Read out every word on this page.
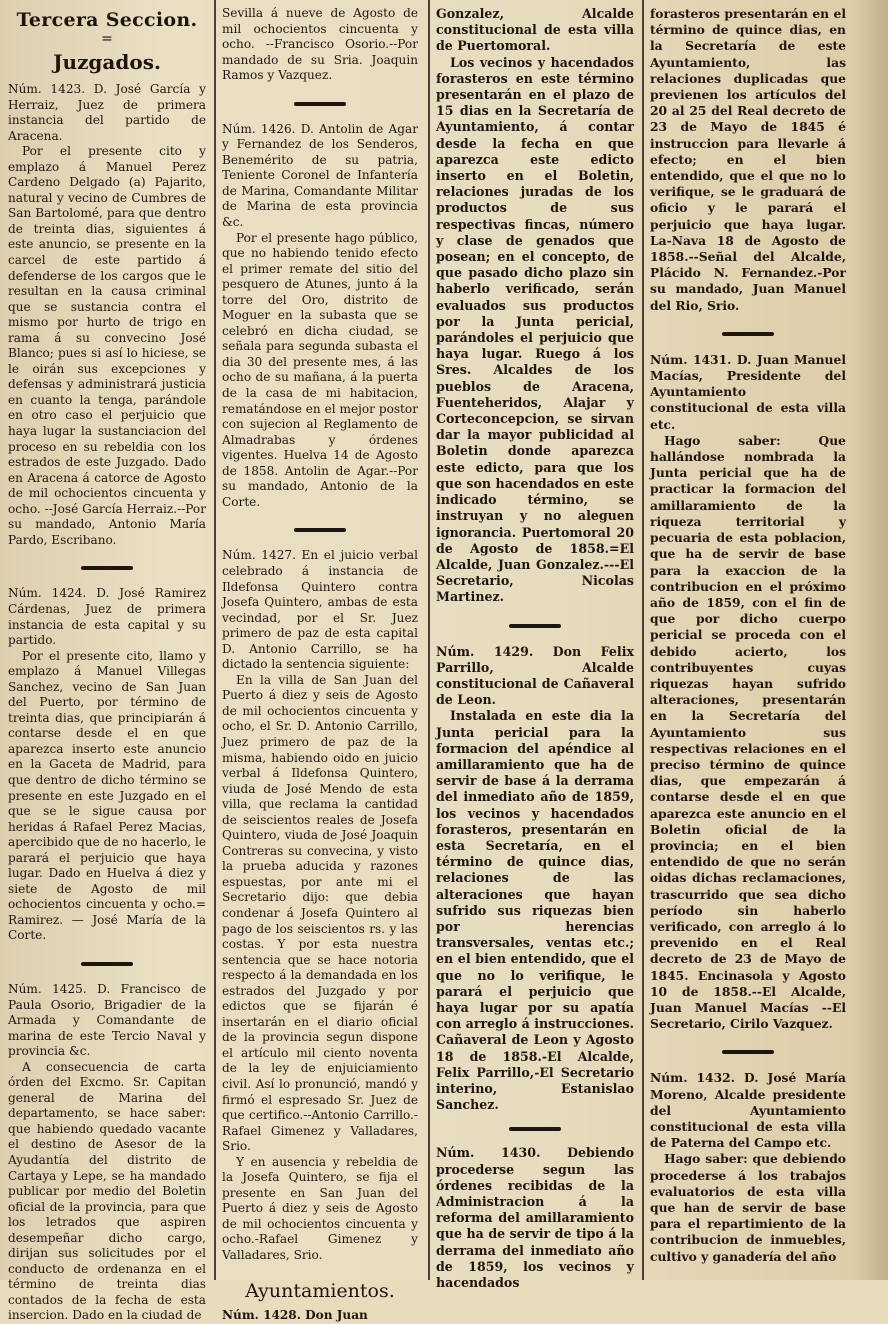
Tercera Seccion.
=
Juzgados.

Núm. 1423. D. José García y Herraiz, Juez de primera instancia del partido de Aracena.

Por el presente cito y emplazo á Manuel Perez Cardeno Delgado (a) Pajarito, natural y vecino de Cumbres de San Bartolomé, para que dentro de treinta dias, siguientes á este anuncio, se presente en la carcel de este partido á defenderse de los cargos que le resultan en la causa criminal que se sustancia contra el mismo por hurto de trigo en rama á su convecino José Blanco; pues si así lo hiciese, se le oirán sus excepciones y defensas y administrará justicia en cuanto la tenga, parándole en otro caso el perjuicio que haya lugar la sustanciacion del proceso en su rebeldia con los estrados de este Juzgado. Dado en Aracena á catorce de Agosto de mil ochocientos cincuenta y ocho. --José García Herraiz.--Por su mandado, Antonio María Pardo, Escribano.

Núm. 1424. D. José Ramirez Cárdenas, Juez de primera instancia de esta capital y su partido.

Por el presente cito, llamo y emplazo á Manuel Villegas Sanchez, vecino de San Juan del Puerto, por término de treinta dias, que principiarán á contarse desde el en que aparezca inserto este anuncio en la Gaceta de Madrid, para que dentro de dicho término se presente en este Juzgado en el que se le sigue causa por heridas á Rafael Perez Macias, apercibido que de no hacerlo, le parará el perjuicio que haya lugar. Dado en Huelva á diez y siete de Agosto de mil ochocientos cincuenta y ocho.= Ramirez. — José María de la Corte.

Núm. 1425. D. Francisco de Paula Osorio, Brigadier de la Armada y Comandante de marina de este Tercio Naval y provincia &c.

A consecuencia de carta órden del Excmo. Sr. Capitan general de Marina del departamento, se hace saber: que habiendo quedado vacante el destino de Asesor de la Ayudantía del distrito de Cartaya y Lepe, se ha mandado publicar por medio del Boletin oficial de la provincia, para que los letrados que aspiren desempeñar dicho cargo, dirijan sus solicitudes por el conducto de ordenanza en el término de treinta dias contados de la fecha de esta insercion. Dado en la ciudad de

Sevilla á nueve de Agosto de mil ochocientos cincuenta y ocho. --Francisco Osorio.--Por mandado de su Sria. Joaquin Ramos y Vazquez.

Núm. 1426. D. Antolin de Agar y Fernandez de los Senderos, Benemérito de su patria, Teniente Coronel de Infantería de Marina, Comandante Militar de Marina de esta provincia &c.

Por el presente hago público, que no habiendo tenido efecto el primer remate del sitio del pesquero de Atunes, junto á la torre del Oro, distrito de Moguer en la subasta que se celebró en dicha ciudad, se señala para segunda subasta el dia 30 del presente mes, á las ocho de su mañana, á la puerta de la casa de mi habitacion, rematándose en el mejor postor con sujecion al Reglamento de Almadrabas y órdenes vigentes. Huelva 14 de Agosto de 1858. Antolin de Agar.--Por su mandado, Antonio de la Corte.

Núm. 1427. En el juicio verbal celebrado á instancia de Ildefonsa Quintero contra Josefa Quintero, ambas de esta vecindad, por el Sr. Juez primero de paz de esta capital D. Antonio Carrillo, se ha dictado la sentencia siguiente:

En la villa de San Juan del Puerto á diez y seis de Agosto de mil ochocientos cincuenta y ocho, el Sr. D. Antonio Carrillo, Juez primero de paz de la misma, habiendo oido en juicio verbal á Ildefonsa Quintero, viuda de José Mendo de esta villa, que reclama la cantidad de seiscientos reales de Josefa Quintero, viuda de José Joaquin Contreras su convecina, y visto la prueba aducida y razones espuestas, por ante mi el Secretario dijo: que debia condenar á Josefa Quintero al pago de los seiscientos rs. y las costas. Y por esta nuestra sentencia que se hace notoria respecto á la demandada en los estrados del Juzgado y por edictos que se fijarán é insertarán en el diario oficial de la provincia segun dispone el artículo mil ciento noventa de la ley de enjuiciamiento civil. Así lo pronunció, mandó y firmó el espresado Sr. Juez de que certifico.--Antonio Carrillo.-Rafael Gimenez y Valladares, Srio.

Y en ausencia y rebeldia de la Josefa Quintero, se fija el presente en San Juan del Puerto á diez y seis de Agosto de mil ochocientos cincuenta y ocho.-Rafael Gimenez y Valladares, Srio.

Ayuntamientos.

Núm. 1428. Don Juan

Gonzalez, Alcalde constitucional de esta villa de Puertomoral.

Los vecinos y hacendados forasteros en este término presentarán en el plazo de 15 dias en la Secretaría de Ayuntamiento, á contar desde la fecha en que aparezca este edicto inserto en el Boletin, relaciones juradas de los productos de sus respectivas fincas, número y clase de genados que posean; en el concepto, de que pasado dicho plazo sin haberlo verificado, serán evaluados sus productos por la Junta pericial, parándoles el perjuicio que haya lugar. Ruego á los Sres. Alcaldes de los pueblos de Aracena, Fuenteheridos, Alajar y Corteconcepcion, se sirvan dar la mayor publicidad al Boletin donde aparezca este edicto, para que los que son hacendados en este indicado término, se instruyan y no aleguen ignorancia. Puertomoral 20 de Agosto de 1858.=El Alcalde, Juan Gonzalez.---El Secretario, Nicolas Martinez.

Núm. 1429. Don Felix Parrillo, Alcalde constitucional de Cañaveral de Leon.

Instalada en este dia la Junta pericial para la formacion del apéndice al amillaramiento que ha de servir de base á la derrama del inmediato año de 1859, los vecinos y hacendados forasteros, presentarán en esta Secretaría, en el término de quince dias, relaciones de las alteraciones que hayan sufrido sus riquezas bien por herencias transversales, ventas etc.; en el bien entendido, que el que no lo verifique, le parará el perjuicio que haya lugar por su apatía con arreglo á instrucciones. Cañaveral de Leon y Agosto 18 de 1858.-El Alcalde, Felix Parrillo,-El Secretario interino, Estanislao Sanchez.

Núm. 1430. Debiendo procederse segun las órdenes recibidas de la Administracion á la reforma del amillaramiento que ha de servir de tipo á la derrama del inmediato año de 1859, los vecinos y hacendados

forasteros presentarán en el término de quince dias, en la Secretaría de este Ayuntamiento, las relaciones duplicadas que previenen los artículos del 20 al 25 del Real decreto de 23 de Mayo de 1845 é instruccion para llevarle á efecto; en el bien entendido, que el que no lo verifique, se le graduará de oficio y le parará el perjuicio que haya lugar. La-Nava 18 de Agosto de 1858.--Señal del Alcalde, Plácido N. Fernandez.-Por su mandado, Juan Manuel del Rio, Srio.

Núm. 1431. D. Juan Manuel Macías, Presidente del Ayuntamiento constitucional de esta villa etc.

Hago saber: Que hallándose nombrada la Junta pericial que ha de practicar la formacion del amillaramiento de la riqueza territorial y pecuaria de esta poblacion, que ha de servir de base para la exaccion de la contribucion en el próximo año de 1859, con el fin de que por dicho cuerpo pericial se proceda con el debido acierto, los contribuyentes cuyas riquezas hayan sufrido alteraciones, presentarán en la Secretaría del Ayuntamiento sus respectivas relaciones en el preciso término de quince dias, que empezarán á contarse desde el en que aparezca este anuncio en el Boletin oficial de la provincia; en el bien entendido de que no serán oidas dichas reclamaciones, trascurrido que sea dicho período sin haberlo verificado, con arreglo á lo prevenido en el Real decreto de 23 de Mayo de 1845. Encinasola y Agosto 10 de 1858.--El Alcalde, Juan Manuel Macías --El Secretario, Cirilo Vazquez.

Núm. 1432. D. José María Moreno, Alcalde presidente del Ayuntamiento constitucional de esta villa de Paterna del Campo etc.

Hago saber: que debiendo procederse á los trabajos evaluatorios de esta villa que han de servir de base para el repartimiento de la contribucion de inmuebles, cultivo y ganadería del año
